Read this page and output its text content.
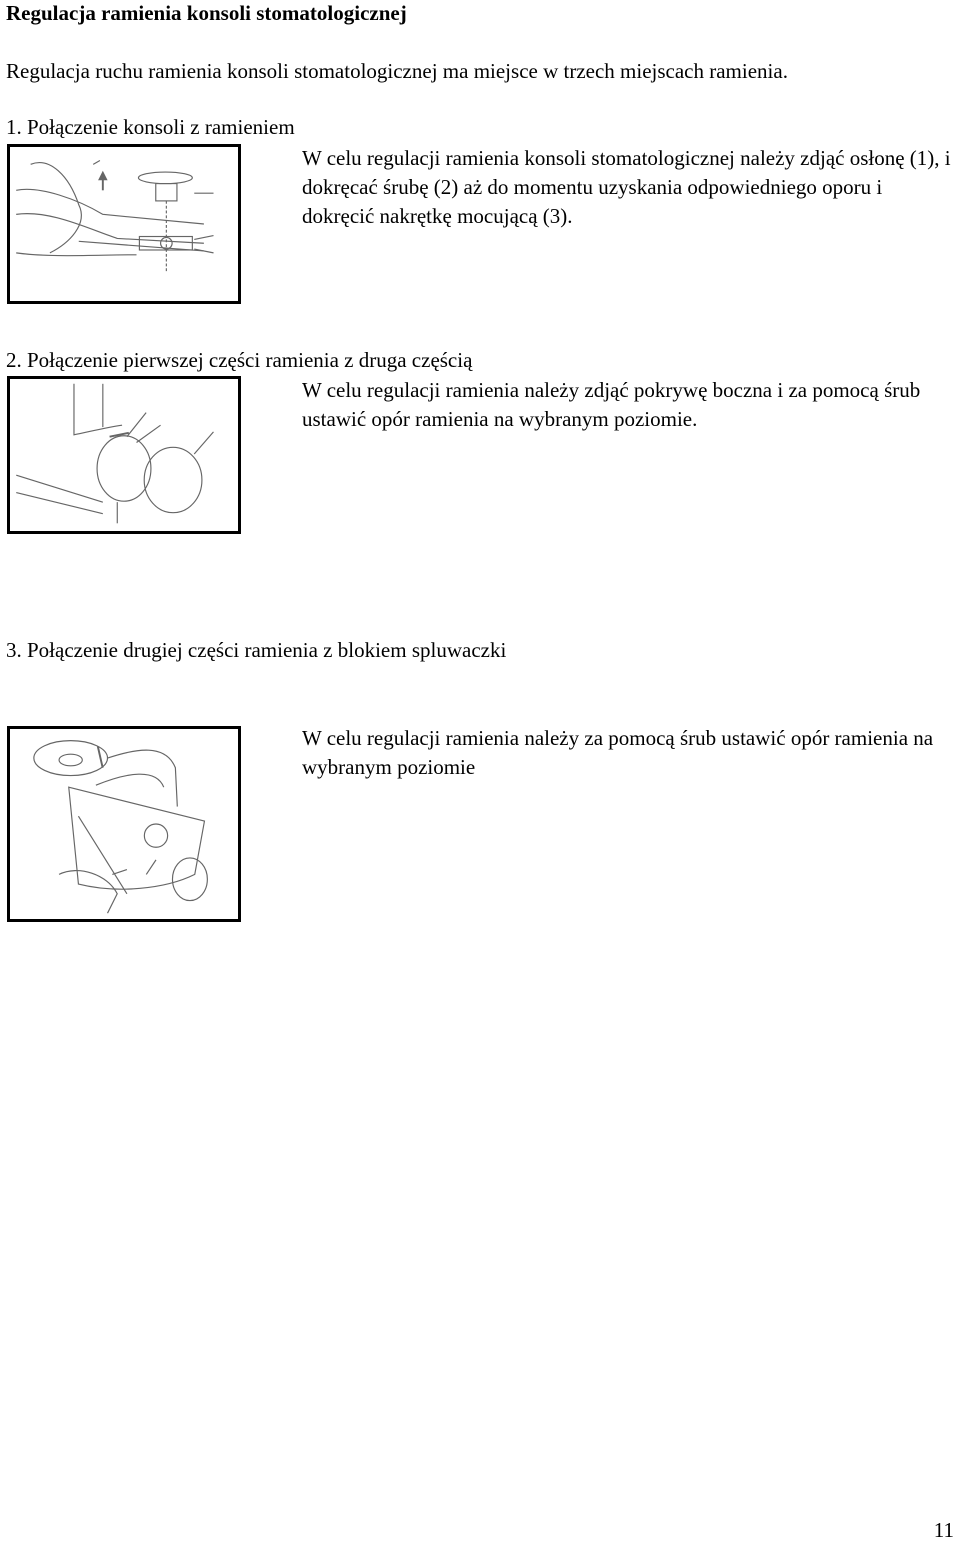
Regulacja ramienia konsoli stomatologicznej
Regulacja ruchu ramienia konsoli stomatologicznej ma miejsce w trzech miejscach ramienia.
1. Połączenie konsoli z ramieniem
W celu regulacji ramienia konsoli stomatologicznej należy zdjąć osłonę (1), i dokręcać śrubę (2) aż do momentu uzyskania odpowiedniego oporu i dokręcić nakrętkę mocującą (3).
2. Połączenie pierwszej części ramienia z druga częścią
W celu regulacji ramienia należy zdjąć pokrywę boczna i za pomocą śrub ustawić opór ramienia na wybranym poziomie.
3. Połączenie drugiej części ramienia z blokiem spluwaczki
W celu regulacji ramienia należy za pomocą śrub ustawić opór ramienia na wybranym poziomie
11
